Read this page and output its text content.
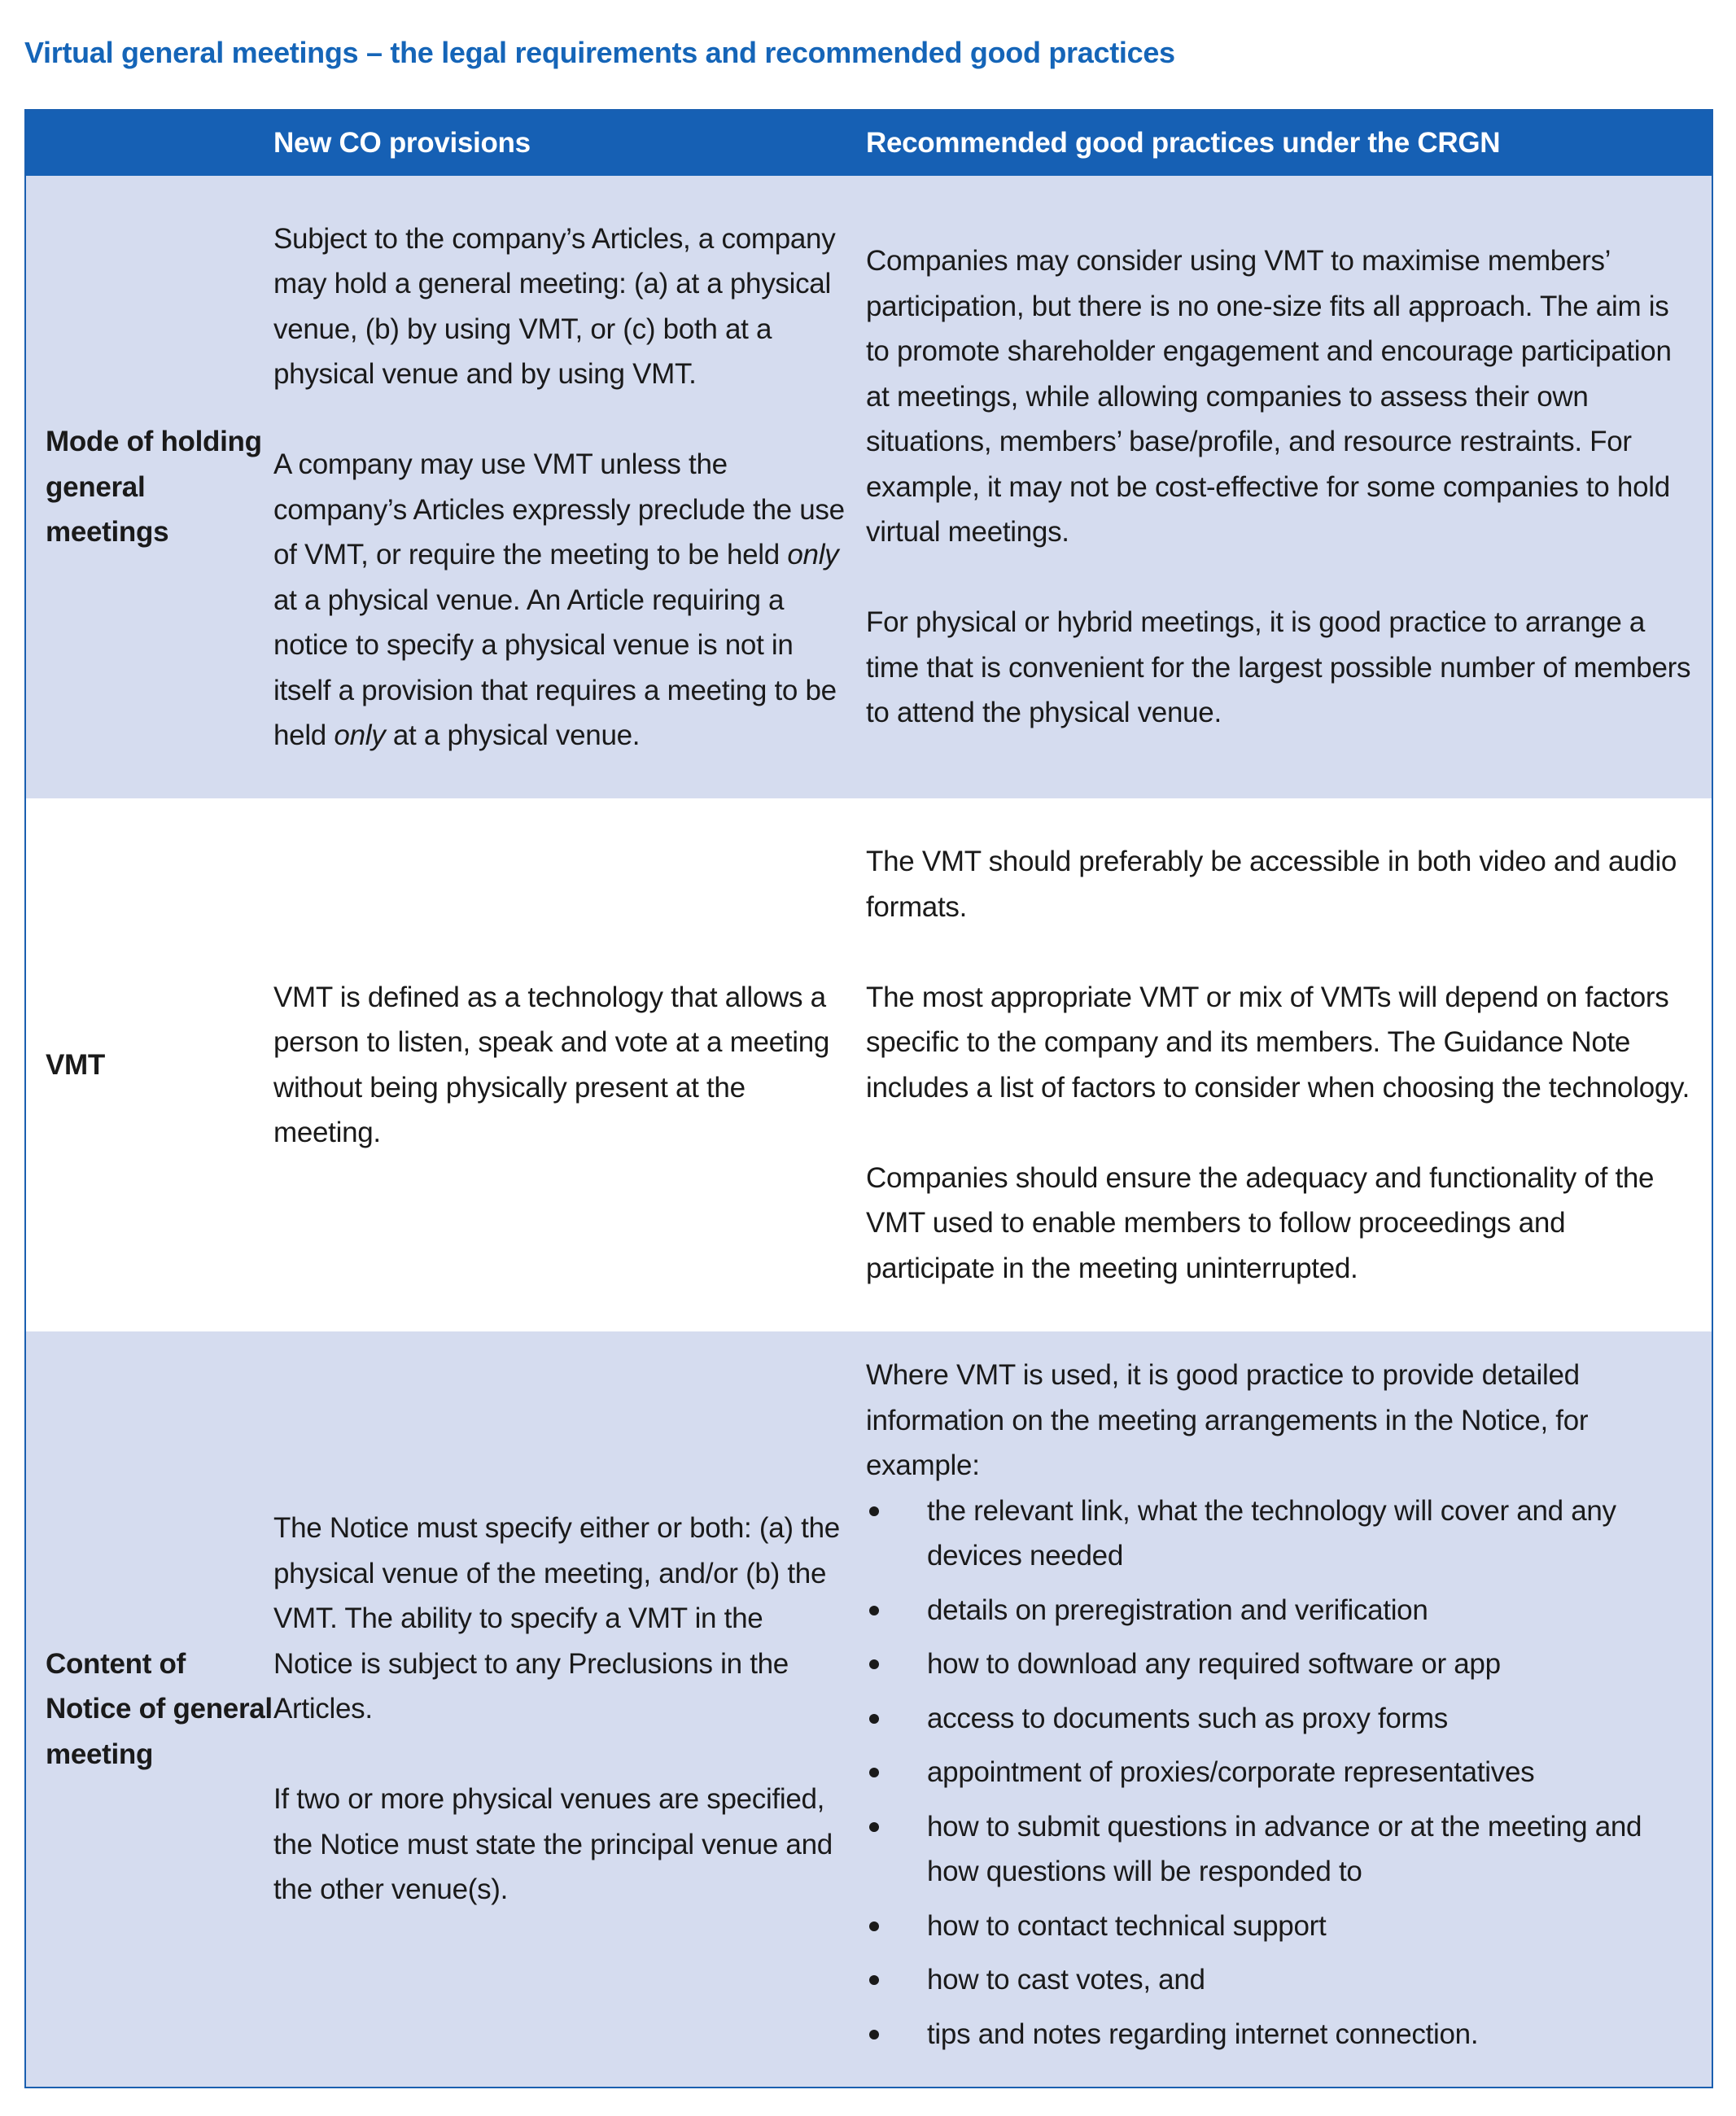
Virtual general meetings – the legal requirements and recommended good practices
New CO provisions	Recommended good practices under the CRGN
Mode of holding general meetings

Subject to the company’s Articles, a company may hold a general meeting: (a) at a physical venue, (b) by using VMT, or (c) both at a physical venue and by using VMT.

A company may use VMT unless the company’s Articles expressly preclude the use of VMT, or require the meeting to be held only at a physical venue. An Article requiring a notice to specify a physical venue is not in itself a provision that requires a meeting to be held only at a physical venue.

Companies may consider using VMT to maximise members’ participation, but there is no one-size fits all approach. The aim is to promote shareholder engagement and encourage participation at meetings, while allowing companies to assess their own situations, members’ base/profile, and resource restraints. For example, it may not be cost-effective for some companies to hold virtual meetings.

For physical or hybrid meetings, it is good practice to arrange a time that is convenient for the largest possible number of members to attend the physical venue.

VMT

VMT is defined as a technology that allows a person to listen, speak and vote at a meeting without being physically present at the meeting.

The VMT should preferably be accessible in both video and audio formats.

The most appropriate VMT or mix of VMTs will depend on factors specific to the company and its members. The Guidance Note includes a list of factors to consider when choosing the technology.

Companies should ensure the adequacy and functionality of the VMT used to enable members to follow proceedings and participate in the meeting uninterrupted.

Content of Notice of general meeting

The Notice must specify either or both: (a) the physical venue of the meeting, and/or (b) the VMT. The ability to specify a VMT in the Notice is subject to any Preclusions in the Articles.

If two or more physical venues are specified, the Notice must state the principal venue and the other venue(s).

Where VMT is used, it is good practice to provide detailed information on the meeting arrangements in the Notice, for example:

the relevant link, what the technology will cover and any devices needed
details on preregistration and verification
how to download any required software or app
access to documents such as proxy forms
appointment of proxies/corporate representatives
how to submit questions in advance or at the meeting and how questions will be responded to
how to contact technical support
how to cast votes, and
tips and notes regarding internet connection.
